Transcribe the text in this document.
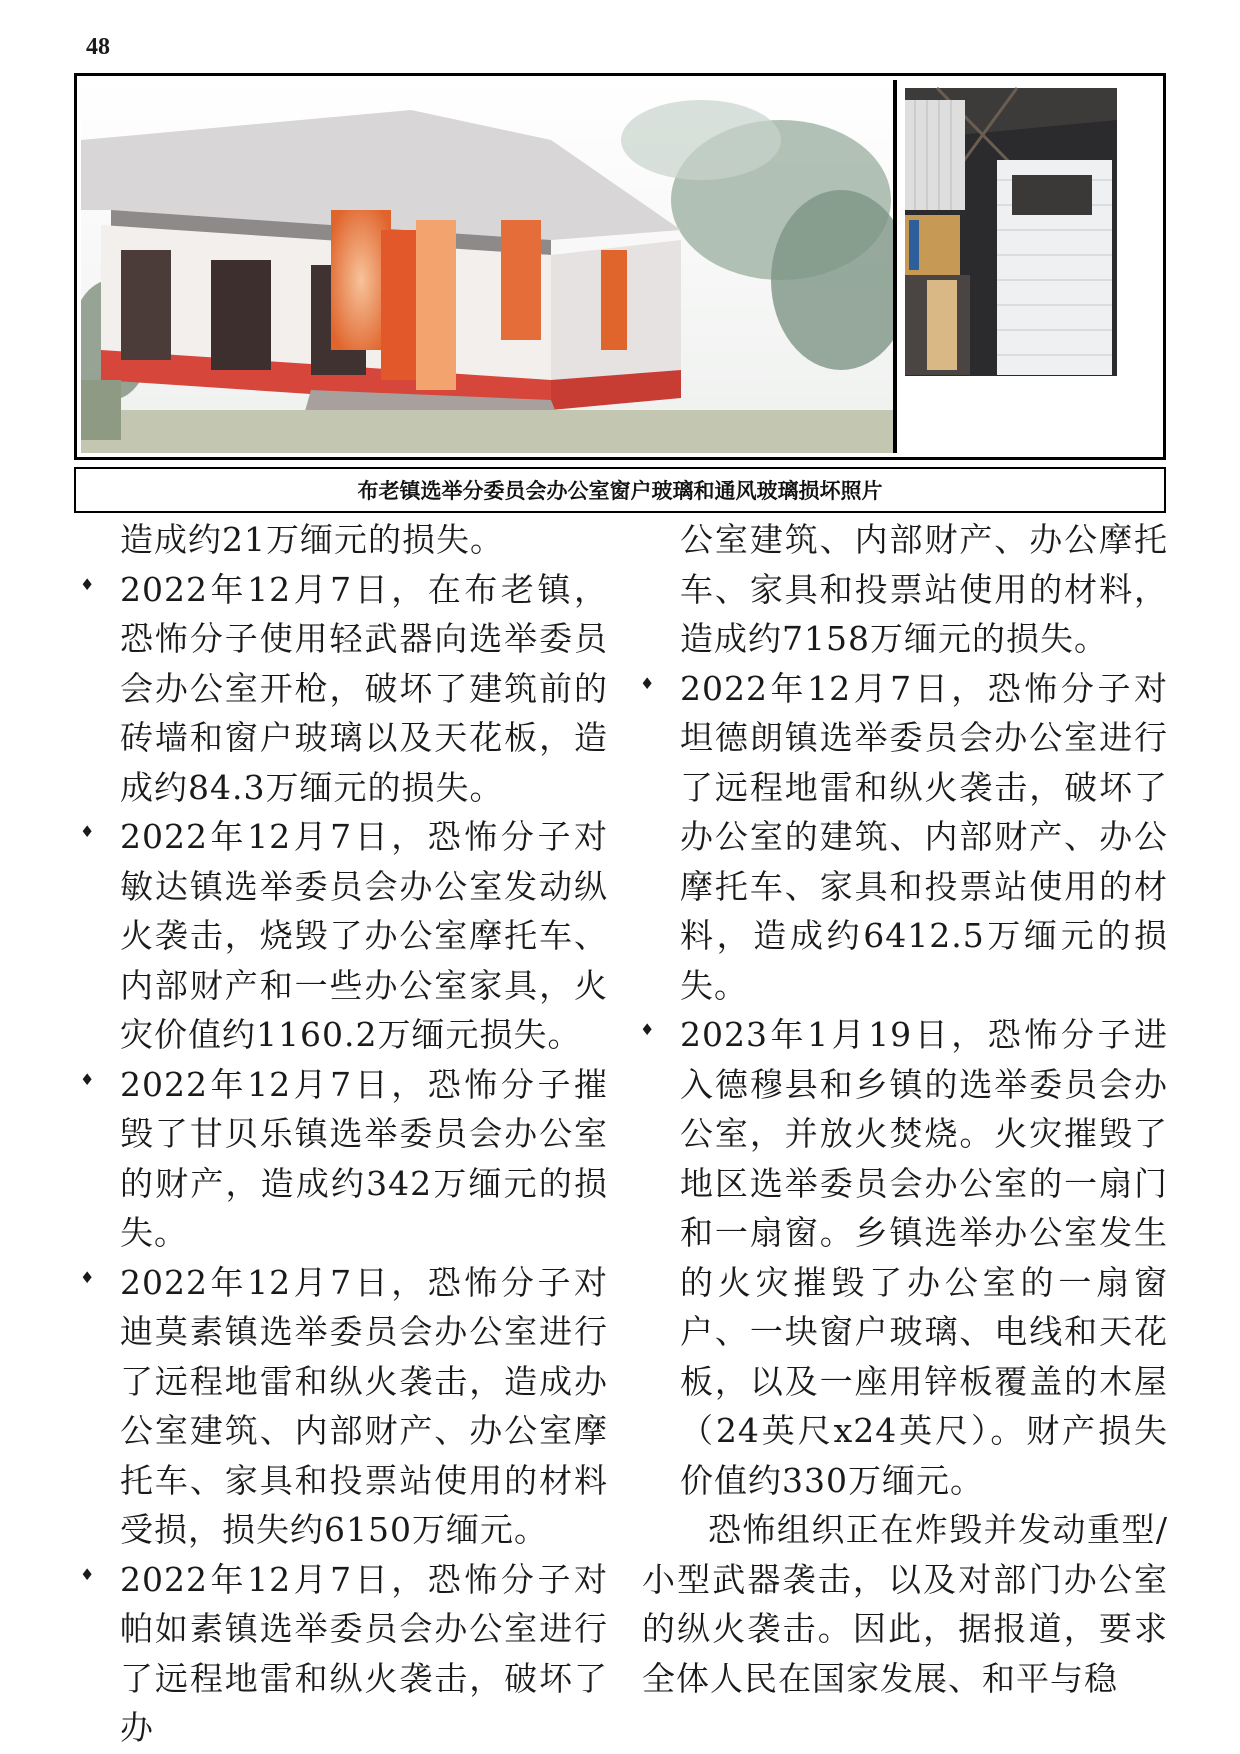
48
布老镇选举分委员会办公室窗户玻璃和通风玻璃损坏照片

造成约21万缅元的损失。

♦ 2022年12月7日，在布老镇，恐怖分子使用轻武器向选举委员会办公室开枪，破坏了建筑前的砖墙和窗户玻璃以及天花板，造成约84.3万缅元的损失。

♦ 2022年12月7日，恐怖分子对敏达镇选举委员会办公室发动纵火袭击，烧毁了办公室摩托车、内部财产和一些办公室家具，火灾价值约1160.2万缅元损失。

♦ 2022年12月7日，恐怖分子摧毁了甘贝乐镇选举委员会办公室的财产，造成约342万缅元的损失。

♦ 2022年12月7日，恐怖分子对迪莫素镇选举委员会办公室进行了远程地雷和纵火袭击，造成办公室建筑、内部财产、办公室摩托车、家具和投票站使用的材料受损，损失约6150万缅元。

♦ 2022年12月7日，恐怖分子对帕如素镇选举委员会办公室进行了远程地雷和纵火袭击，破坏了办

公室建筑、内部财产、办公摩托车、家具和投票站使用的材料，造成约7158万缅元的损失。

♦ 2022年12月7日，恐怖分子对坦德朗镇选举委员会办公室进行了远程地雷和纵火袭击，破坏了办公室的建筑、内部财产、办公摩托车、家具和投票站使用的材料，造成约6412.5万缅元的损失。

♦ 2023年1月19日，恐怖分子进入德穆县和乡镇的选举委员会办公室，并放火焚烧。火灾摧毁了地区选举委员会办公室的一扇门和一扇窗。乡镇选举办公室发生的火灾摧毁了办公室的一扇窗户、一块窗户玻璃、电线和天花板，以及一座用锌板覆盖的木屋（24英尺x24英尺）。财产损失价值约330万缅元。

恐怖组织正在炸毁并发动重型/小型武器袭击，以及对部门办公室的纵火袭击。因此，据报道，要求全体人民在国家发展、和平与稳
